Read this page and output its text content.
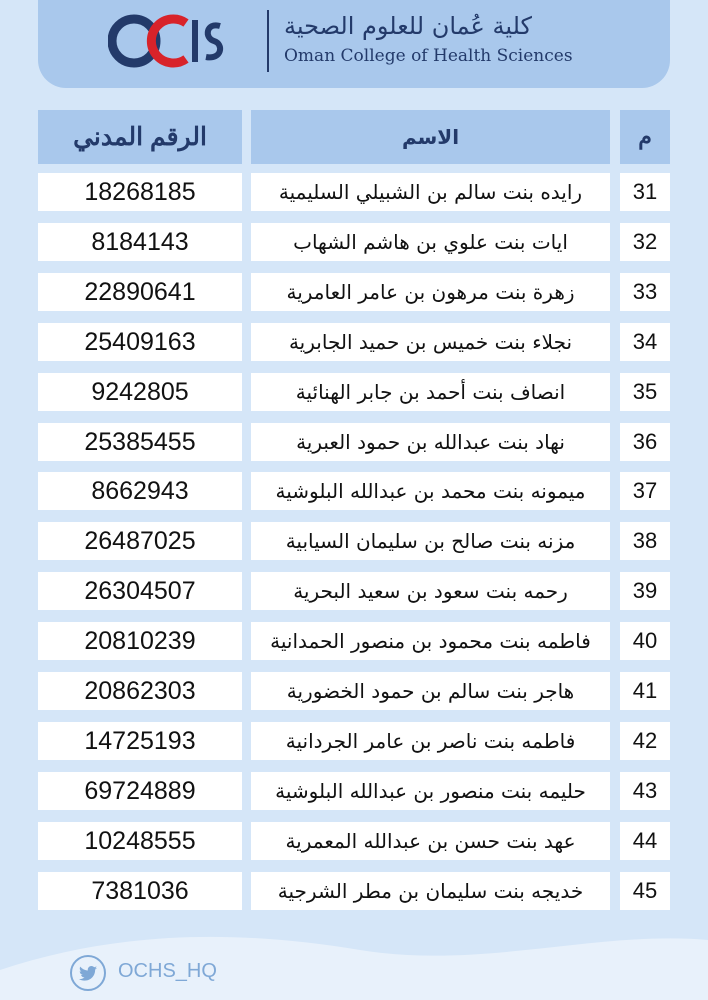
OCHS
كلية عُمان للعلوم الصحية
Oman College of Health Sciences
م
الاسم
الرقم المدني
31
رايده بنت سالم بن الشبيلي السليمية
18268185
32
ايات بنت علوي بن هاشم الشهاب
8184143
33
زهرة بنت مرهون بن عامر العامرية
22890641
34
نجلاء بنت خميس بن حميد الجابرية
25409163
35
انصاف بنت أحمد بن جابر الهنائية
9242805
36
نهاد بنت عبدالله بن حمود العبرية
25385455
37
ميمونه بنت محمد بن عبدالله البلوشية
8662943
38
مزنه بنت صالح بن سليمان السيابية
26487025
39
رحمه بنت سعود بن سعيد البحرية
26304507
40
فاطمه بنت محمود بن منصور الحمدانية
20810239
41
هاجر بنت سالم بن حمود الخضورية
20862303
42
فاطمه بنت ناصر بن عامر الجردانية
14725193
43
حليمه بنت منصور بن عبدالله البلوشية
69724889
44
عهد بنت حسن بن عبدالله المعمرية
10248555
45
خديجه بنت سليمان بن مطر الشرجية
7381036
OCHS_HQ
